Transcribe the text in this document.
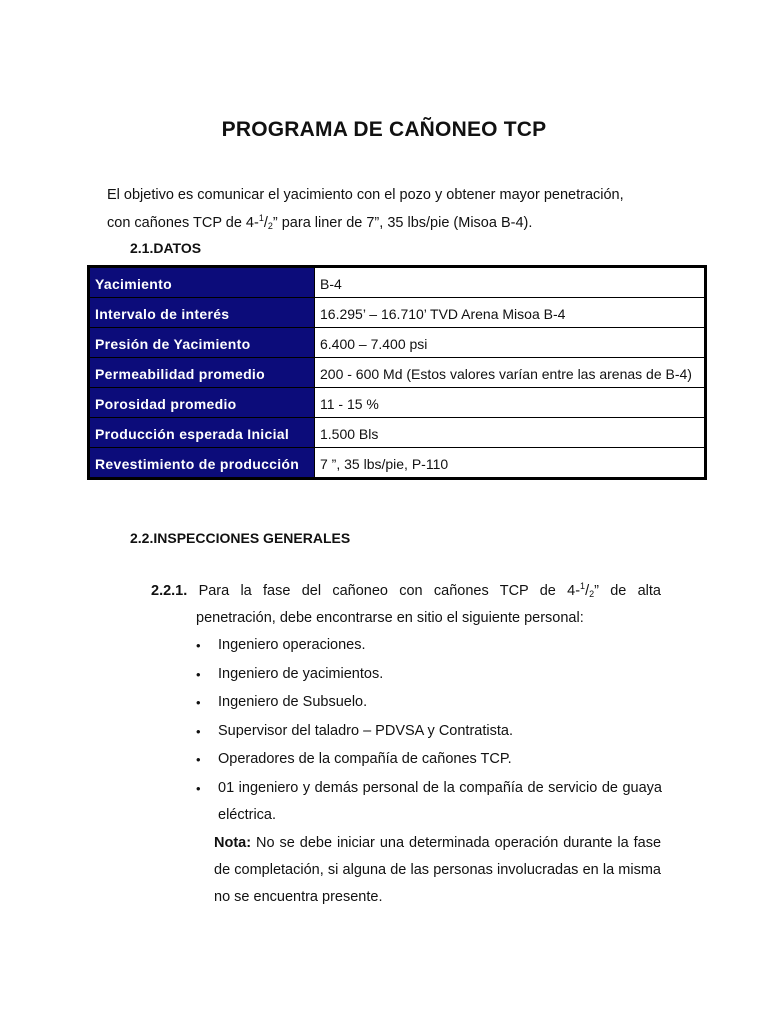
PROGRAMA DE CAÑONEO TCP
El objetivo es comunicar el yacimiento con el pozo y obtener mayor penetración,
con cañones TCP de $4-^1/_2$” para liner de 7”, 35 lbs/pie (Misoa B-4).
2.1.DATOS
Yacimiento	B-4
Intervalo de interés	16.295’ – 16.710’ TVD Arena Misoa B-4
Presión de Yacimiento	6.400 – 7.400 psi
Permeabilidad promedio	200 - 600 Md (Estos valores varían entre las arenas de B-4)
Porosidad promedio	11 - 15 %
Producción esperada Inicial	1.500 Bls
Revestimiento de producción	7 ”, 35 lbs/pie, P-110
2.2.INSPECCIONES GENERALES
2.2.1. Para la fase del cañoneo con cañones TCP de $4-^1/_2$” de alta
penetración, debe encontrarse en sitio el siguiente personal:
• Ingeniero operaciones.
• Ingeniero de yacimientos.
• Ingeniero de Subsuelo.
• Supervisor del taladro – PDVSA y Contratista.
• Operadores de la compañía de cañones TCP.
• 01 ingeniero y demás personal de la compañía de servicio de guaya eléctrica.
Nota: No se debe iniciar una determinada operación durante la fase de completación, si alguna de las personas involucradas en la misma no se encuentra presente.
